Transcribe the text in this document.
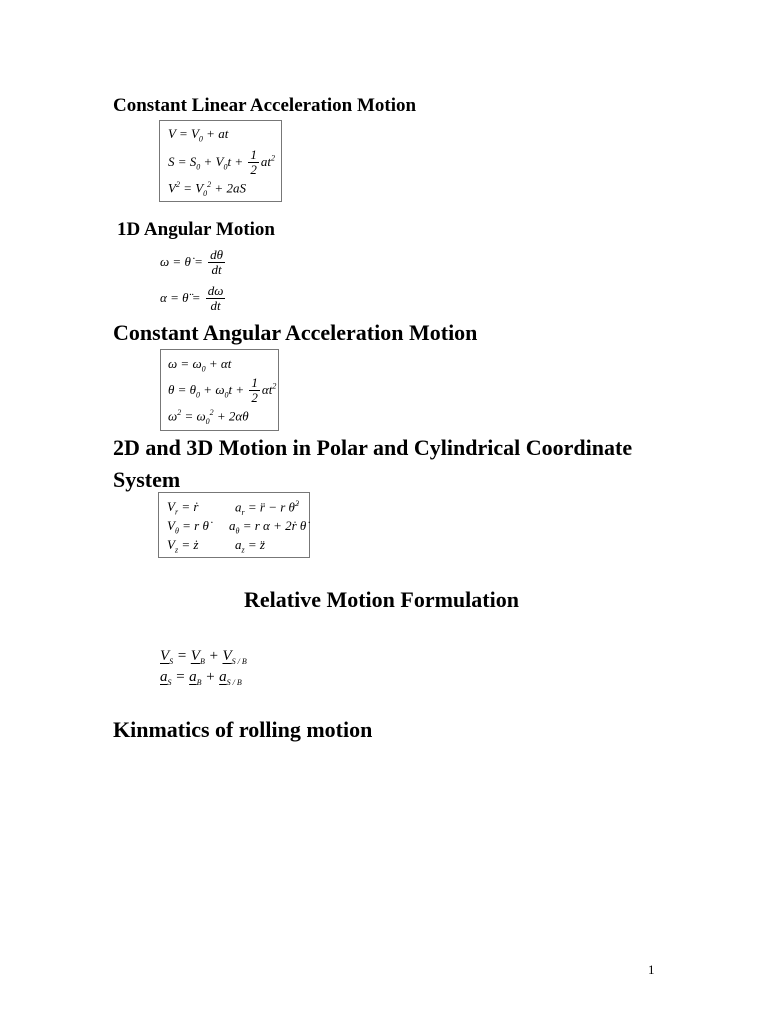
Constant Linear Acceleration Motion
$V = V_0$ + at
$S = S_0 + V_0t + \frac{1}{2} at^2$
$V^2 = V_0^2 + 2aS$
1D Angular Motion
ω = θ̇ = $\frac{d\theta}{dt}$
α = θ̈ = $\frac{d\omega}{dt}$
Constant Angular Acceleration Motion
$\omega = \omega_0 + \alpha t$
$\theta = \theta_0 + \omega_0t + \frac{1}{2} \alpha t^2$
$\omega^2 = \omega_0^2 + 2\alpha\theta$
2D and 3D Motion in Polar and Cylindrical Coordinate System
$V_r$ = ṙ	$a_r$ = r̈ − r θ̇$^2$
$V_\theta = r$ θ̇ $a_\theta = r$ α + 2ṙ θ̇
$V_z$ = ż	$a_z$ = z̈
Relative Motion Formulation
$V_S = V_B + V_{S / B}$
$a_S = a_B + a_{S / B}$
Kinmatics of rolling motion
1
